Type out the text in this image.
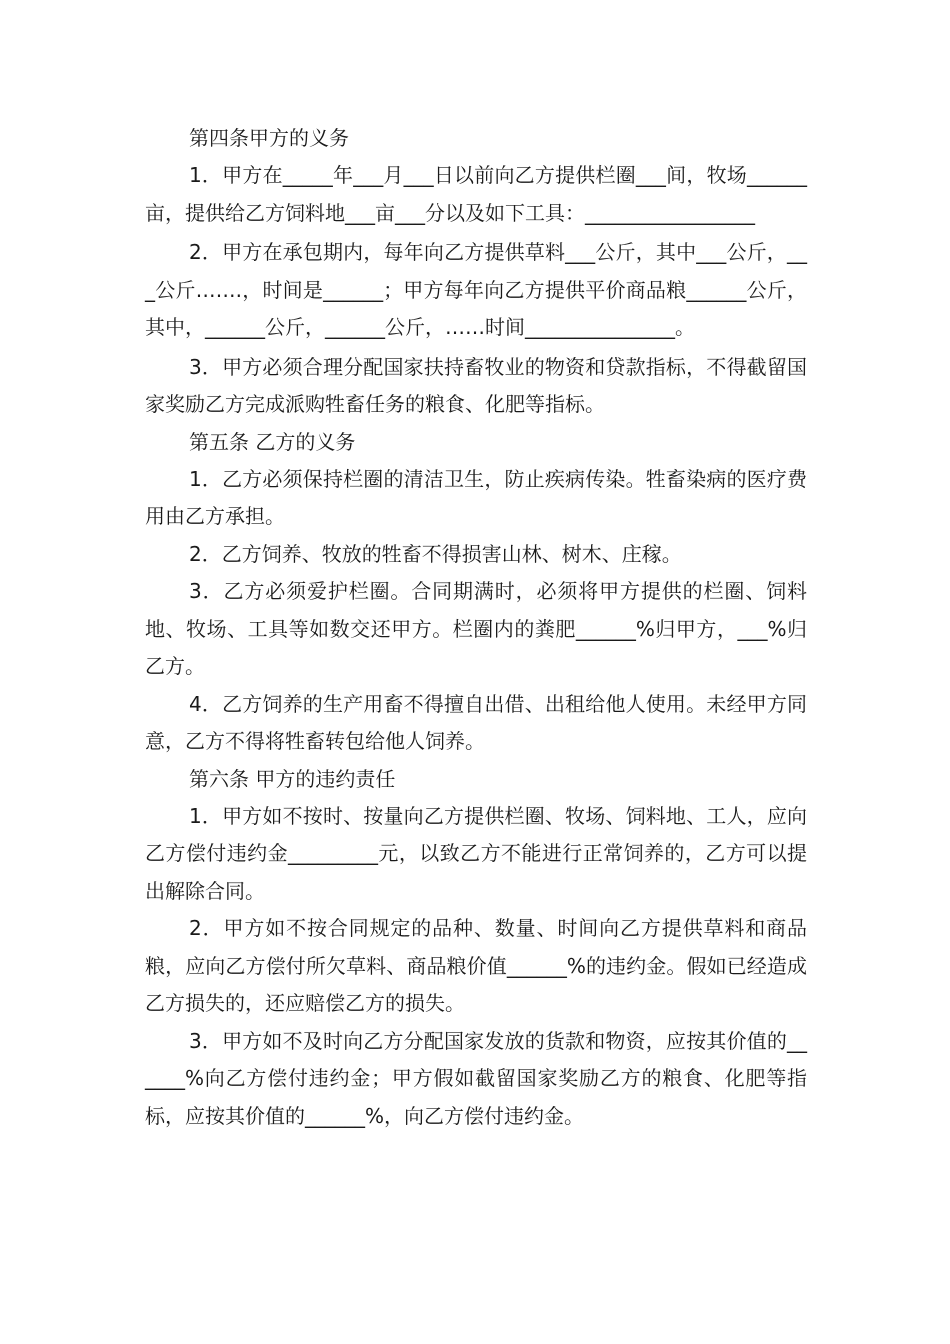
第四条甲方的义务

1．甲方在_____年___月___日以前向乙方提供栏圈___间，牧场______亩，提供给乙方饲料地___亩___分以及如下工具：_________________

2．甲方在承包期内，每年向乙方提供草料___公斤，其中___公斤，___公斤…….，时间是______；甲方每年向乙方提供平价商品粮______公斤，其中，______公斤，______公斤，……时间_______________。

3．甲方必须合理分配国家扶持畜牧业的物资和贷款指标，不得截留国家奖励乙方完成派购牲畜任务的粮食、化肥等指标。

第五条 乙方的义务

1．乙方必须保持栏圈的清洁卫生，防止疾病传染。牲畜染病的医疗费用由乙方承担。

2．乙方饲养、牧放的牲畜不得损害山林、树木、庄稼。

3．乙方必须爱护栏圈。合同期满时，必须将甲方提供的栏圈、饲料地、牧场、工具等如数交还甲方。栏圈内的粪肥______%归甲方，___%归乙方。

4．乙方饲养的生产用畜不得擅自出借、出租给他人使用。未经甲方同意，乙方不得将牲畜转包给他人饲养。

第六条 甲方的违约责任

1．甲方如不按时、按量向乙方提供栏圈、牧场、饲料地、工人，应向乙方偿付违约金_________元，以致乙方不能进行正常饲养的，乙方可以提出解除合同。

2．甲方如不按合同规定的品种、数量、时间向乙方提供草料和商品粮，应向乙方偿付所欠草料、商品粮价值______%的违约金。假如已经造成乙方损失的，还应赔偿乙方的损失。

3．甲方如不及时向乙方分配国家发放的货款和物资，应按其价值的______%向乙方偿付违约金；甲方假如截留国家奖励乙方的粮食、化肥等指标，应按其价值的______%，向乙方偿付违约金。
